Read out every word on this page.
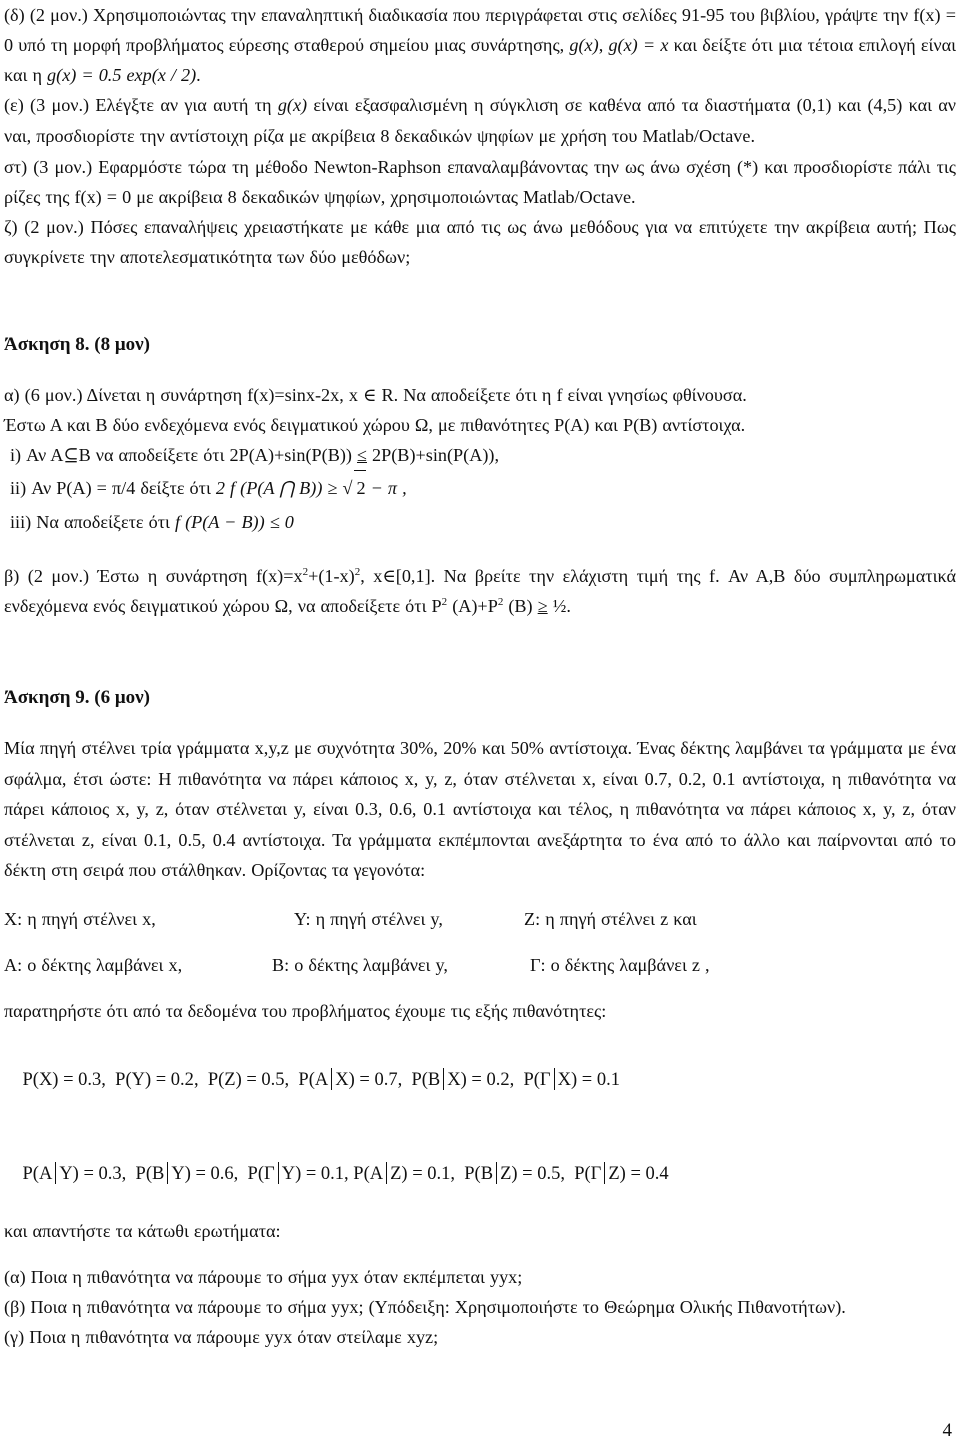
(δ) (2 μον.) Χρησιμοποιώντας την επαναληπτική διαδικασία που περιγράφεται στις σελίδες 91-95 του βιβλίου, γράψτε την f(x) = 0 υπό τη μορφή προβλήματος εύρεσης σταθερού σημείου μιας συνάρτησης, g(x), g(x) = x και δείξτε ότι μια τέτοια επιλογή είναι και η g(x) = 0.5 exp(x / 2).

(ε) (3 μον.) Ελέγξτε αν για αυτή τη g(x) είναι εξασφαλισμένη η σύγκλιση σε καθένα από τα διαστήματα (0,1) και (4,5) και αν ναι, προσδιορίστε την αντίστοιχη ρίζα με ακρίβεια 8 δεκαδικών ψηφίων με χρήση του Matlab/Octave.

στ) (3 μον.) Εφαρμόστε τώρα τη μέθοδο Newton-Raphson επαναλαμβάνοντας την ως άνω σχέση (*) και προσδιορίστε πάλι τις ρίζες της f(x) = 0 με ακρίβεια 8 δεκαδικών ψηφίων, χρησιμοποιώντας Matlab/Octave.

ζ) (2 μον.) Πόσες επαναλήψεις χρειαστήκατε με κάθε μια από τις ως άνω μεθόδους για να επιτύχετε την ακρίβεια αυτή; Πως συγκρίνετε την αποτελεσματικότητα των δύο μεθόδων;

Άσκηση 8. (8 μον)

α) (6 μον.) Δίνεται η συνάρτηση f(x)=sinx-2x, x ∈ R. Να αποδείξετε ότι η f είναι γνησίως φθίνουσα.

Έστω Α και Β δύο ενδεχόμενα ενός δειγματικού χώρου Ω, με πιθανότητες Ρ(Α) και Ρ(Β) αντίστοιχα.

i) Αν Α⊆Β να αποδείξετε ότι 2Ρ(Α)+sin(Ρ(Β)) ≤ 2Ρ(Β)+sin(Ρ(Α)),

ii) Αν Ρ(Α) = π/4 δείξτε ότι 2 f (P(A ⋂ B)) ≥ √ 2 − π ,

iii) Να αποδείξετε ότι f (P(A − B)) ≤ 0

β) (2 μον.) Έστω η συνάρτηση $f(x)=x^2+(1-x)^2$, x∈[0,1]. Να βρείτε την ελάχιστη τιμή της f. Αν Α,Β δύο συμπληρωματικά ενδεχόμενα ενός δειγματικού χώρου Ω, να αποδείξετε ότι $P^2$ $(A)+P^2$ (Β) ≥ ½.

Άσκηση 9. (6 μον)

Μία πηγή στέλνει τρία γράμματα x,y,z με συχνότητα 30%, 20% και 50% αντίστοιχα. Ένας δέκτης λαμβάνει τα γράμματα με ένα σφάλμα, έτσι ώστε: Η πιθανότητα να πάρει κάποιος x, y, z, όταν στέλνεται x, είναι 0.7, 0.2, 0.1 αντίστοιχα, η πιθανότητα να πάρει κάποιος x, y, z, όταν στέλνεται y, είναι 0.3, 0.6, 0.1 αντίστοιχα και τέλος, η πιθανότητα να πάρει κάποιος x, y, z, όταν στέλνεται z, είναι 0.1, 0.5, 0.4 αντίστοιχα. Τα γράμματα εκπέμπονται ανεξάρτητα το ένα από το άλλο και παίρνονται από το δέκτη στη σειρά που στάλθηκαν. Ορίζοντας τα γεγονότα:

X: η πηγή στέλνει x,	Y: η πηγή στέλνει y,	Z: η πηγή στέλνει z και
A: ο δέκτης λαμβάνει x,	B: ο δέκτης λαμβάνει y,	Γ: ο δέκτης λαμβάνει z ,

παρατηρήστε ότι από τα δεδομένα του προβλήματος έχουμε τις εξής πιθανότητες:

P(X) = 0.3,  P(Y) = 0.2,  P(Z) = 0.5,  P(A X) = 0.7,  P(B X) = 0.2,  P(Γ X) = 0.1

P(A Y) = 0.3,  P(B Y) = 0.6,  P(Γ Y) = 0.1, P(A Z) = 0.1,  P(B Z) = 0.5,  P(Γ Z) = 0.4

και απαντήστε τα κάτωθι ερωτήματα:

(α) Ποια η πιθανότητα να πάρουμε το σήμα yyx όταν εκπέμπεται yyx;

(β) Ποια η πιθανότητα να πάρουμε το σήμα yyx; (Υπόδειξη: Χρησιμοποιήστε το Θεώρημα Ολικής Πιθανοτήτων).

(γ) Ποια η πιθανότητα να πάρουμε yyx όταν στείλαμε xyz;

4
